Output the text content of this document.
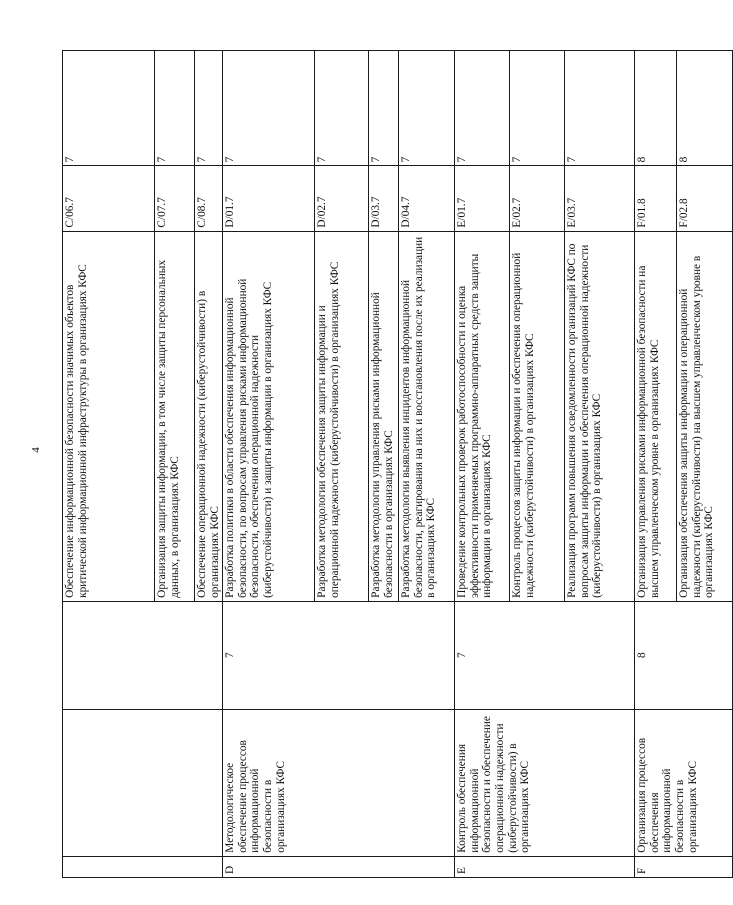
4
			Обеспечение информационной безопасности значимых объектов критической информационной инфраструктуры в организациях КФС	C/06.7	7
			Организация защиты информации, в том числе защиты персональных данных, в организациях КФС	C/07.7	7
			Обеспечение операционной надежности (киберустойчивости) в организациях КФС	C/08.7	7
D	Методологическое обеспечение процессов информационной безопасности в организациях КФС	7	Разработка политики в области обеспечения информационной безопасности, по вопросам управления рисками информационной безопасности, обеспечения операционной надежности (киберустойчивости) и защиты информации в организациях КФС	D/01.7	7
			Разработка методологии обеспечения защиты информации и операционной надежности (киберустойчивости) в организациях КФС	D/02.7	7
			Разработка методологии управления рисками информационной безопасности в организациях КФС	D/03.7	7
			Разработка методологии выявления инцидентов информационной безопасности, реагирования на них и восстановления после их реализации в организациях КФС	D/04.7	7
E	Контроль обеспечения информационной безопасности и обеспечение операционной надежности (киберустойчивости) в организациях КФС	7	Проведение контрольных проверок работоспособности и оценка эффективности применяемых программно-аппаратных средств защиты информации в организациях КФС	E/01.7	7
			Контроль процессов защиты информации и обеспечения операционной надежности (киберустойчивости) в организациях КФС	E/02.7	7
			Реализация программ повышения осведомленности организаций КФС по вопросам защиты информации и обеспечения операционной надежности (киберустойчивости) в организациях КФС	E/03.7	7
F	Организация процессов обеспечения информационной безопасности в организациях КФС	8	Организация управления рисками информационной безопасности на высшем управленческом уровне в организациях КФС	F/01.8	8
			Организация обеспечения защиты информации и операционной надежности (киберустойчивости) на высшем управленческом уровне в организациях КФС	F/02.8	8
